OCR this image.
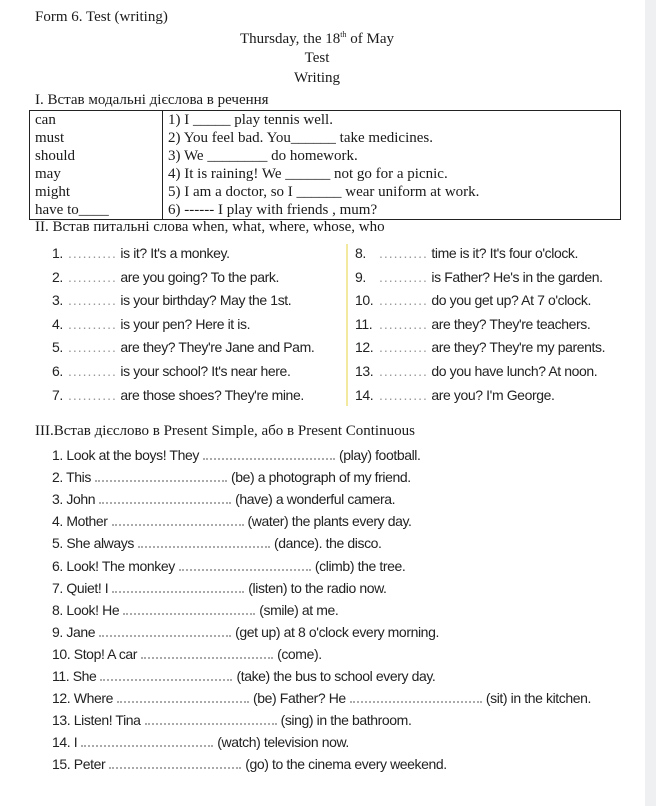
Form 6. Test (writing)
Thursday, the 18th of May
Test
Writing
I. Встав модальні дієслова в речення
can	1) I _____ play tennis well.
must	2) You feel bad. You______ take medicines.
should	3) We ________ do homework.
may	4) It is raining! We ______ not go for a picnic.
might	5) I am a doctor, so I ______ wear uniform at work.
have to____	6) ------ I play with friends , mum?
II. Встав питальні слова when, what, where, whose, who
1. .......... is it? It's a monkey.
2. .......... are you going? To the park.
3. .......... is your birthday? May the 1st.
4. .......... is your pen? Here it is.
5. .......... are they? They're Jane and Pam.
6. .......... is your school? It's near here.
7. .......... are those shoes? They're mine.
8. .......... time is it? It's four o'clock.
9. .......... is Father? He's in the garden.
10. .......... do you get up? At 7 o'clock.
11. .......... are they? They're teachers.
12. .......... are they? They're my parents.
13. .......... do you have lunch? At noon.
14. .......... are you? I'm George.
III.Встав дієслово в Present Simple, або в Present Continuous
1. Look at the boys! They	(play) football.
2. This	(be) a photograph of my friend.
3. John	(have) a wonderful camera.
4. Mother	(water) the plants every day.
5. She always	(dance). the disco.
6. Look! The monkey	(climb) the tree.
7. Quiet! I	(listen) to the radio now.
8. Look! He	(smile) at me.
9. Jane	(get up) at 8 o'clock every morning.
10. Stop! A car	(come).
11. She	(take) the bus to school every day.
12. Where	(be) Father? He	(sit) in the kitchen.
13. Listen! Tina	(sing) in the bathroom.
14. I	(watch) television now.
15. Peter	(go) to the cinema every weekend.
